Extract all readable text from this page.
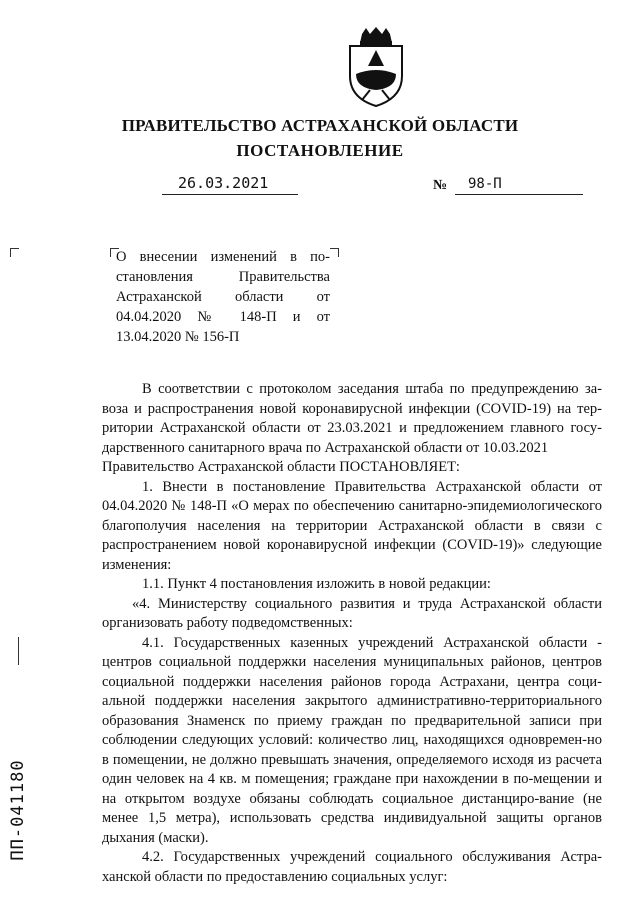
ПРАВИТЕЛЬСТВО АСТРАХАНСКОЙ ОБЛАСТИ
ПОСТАНОВЛЕНИЕ
26.03.2021	№ 98-П
О внесении изменений в по-
становления Правительства
Астраханской области от
04.04.2020 № 148-П и от
13.04.2020 № 156-П

В соответствии с протоколом заседания штаба по предупреждению за-воза и распространения новой коронавирусной инфекции (COVID-19) на тер-ритории Астраханской области от 23.03.2021 и предложением главного госу-дарственного санитарного врача по Астраханской области от 10.03.2021

Правительство Астраханской области ПОСТАНОВЛЯЕТ:

1. Внести в постановление Правительства Астраханской области от 04.04.2020 № 148-П «О мерах по обеспечению санитарно-эпидемиологического благополучия населения на территории Астраханской области в связи с распространением новой коронавирусной инфекции (COVID-19)» следующие изменения:

1.1. Пункт 4 постановления изложить в новой редакции:

«4. Министерству социального развития и труда Астраханской области организовать работу подведомственных:

4.1. Государственных казенных учреждений Астраханской области - центров социальной поддержки населения муниципальных районов, центров социальной поддержки населения районов города Астрахани, центра соци-альной поддержки населения закрытого административно-территориального образования Знаменск по приему граждан по предварительной записи при соблюдении следующих условий: количество лиц, находящихся одновремен-но в помещении, не должно превышать значения, определяемого исходя из расчета один человек на 4 кв. м помещения; граждане при нахождении в по-мещении и на открытом воздухе обязаны соблюдать социальное дистанциро-вание (не менее 1,5 метра), использовать средства индивидуальной защиты органов дыхания (маски).

4.2. Государственных учреждений социального обслуживания Астра-ханской области по предоставлению социальных услуг:

ПП-041180
